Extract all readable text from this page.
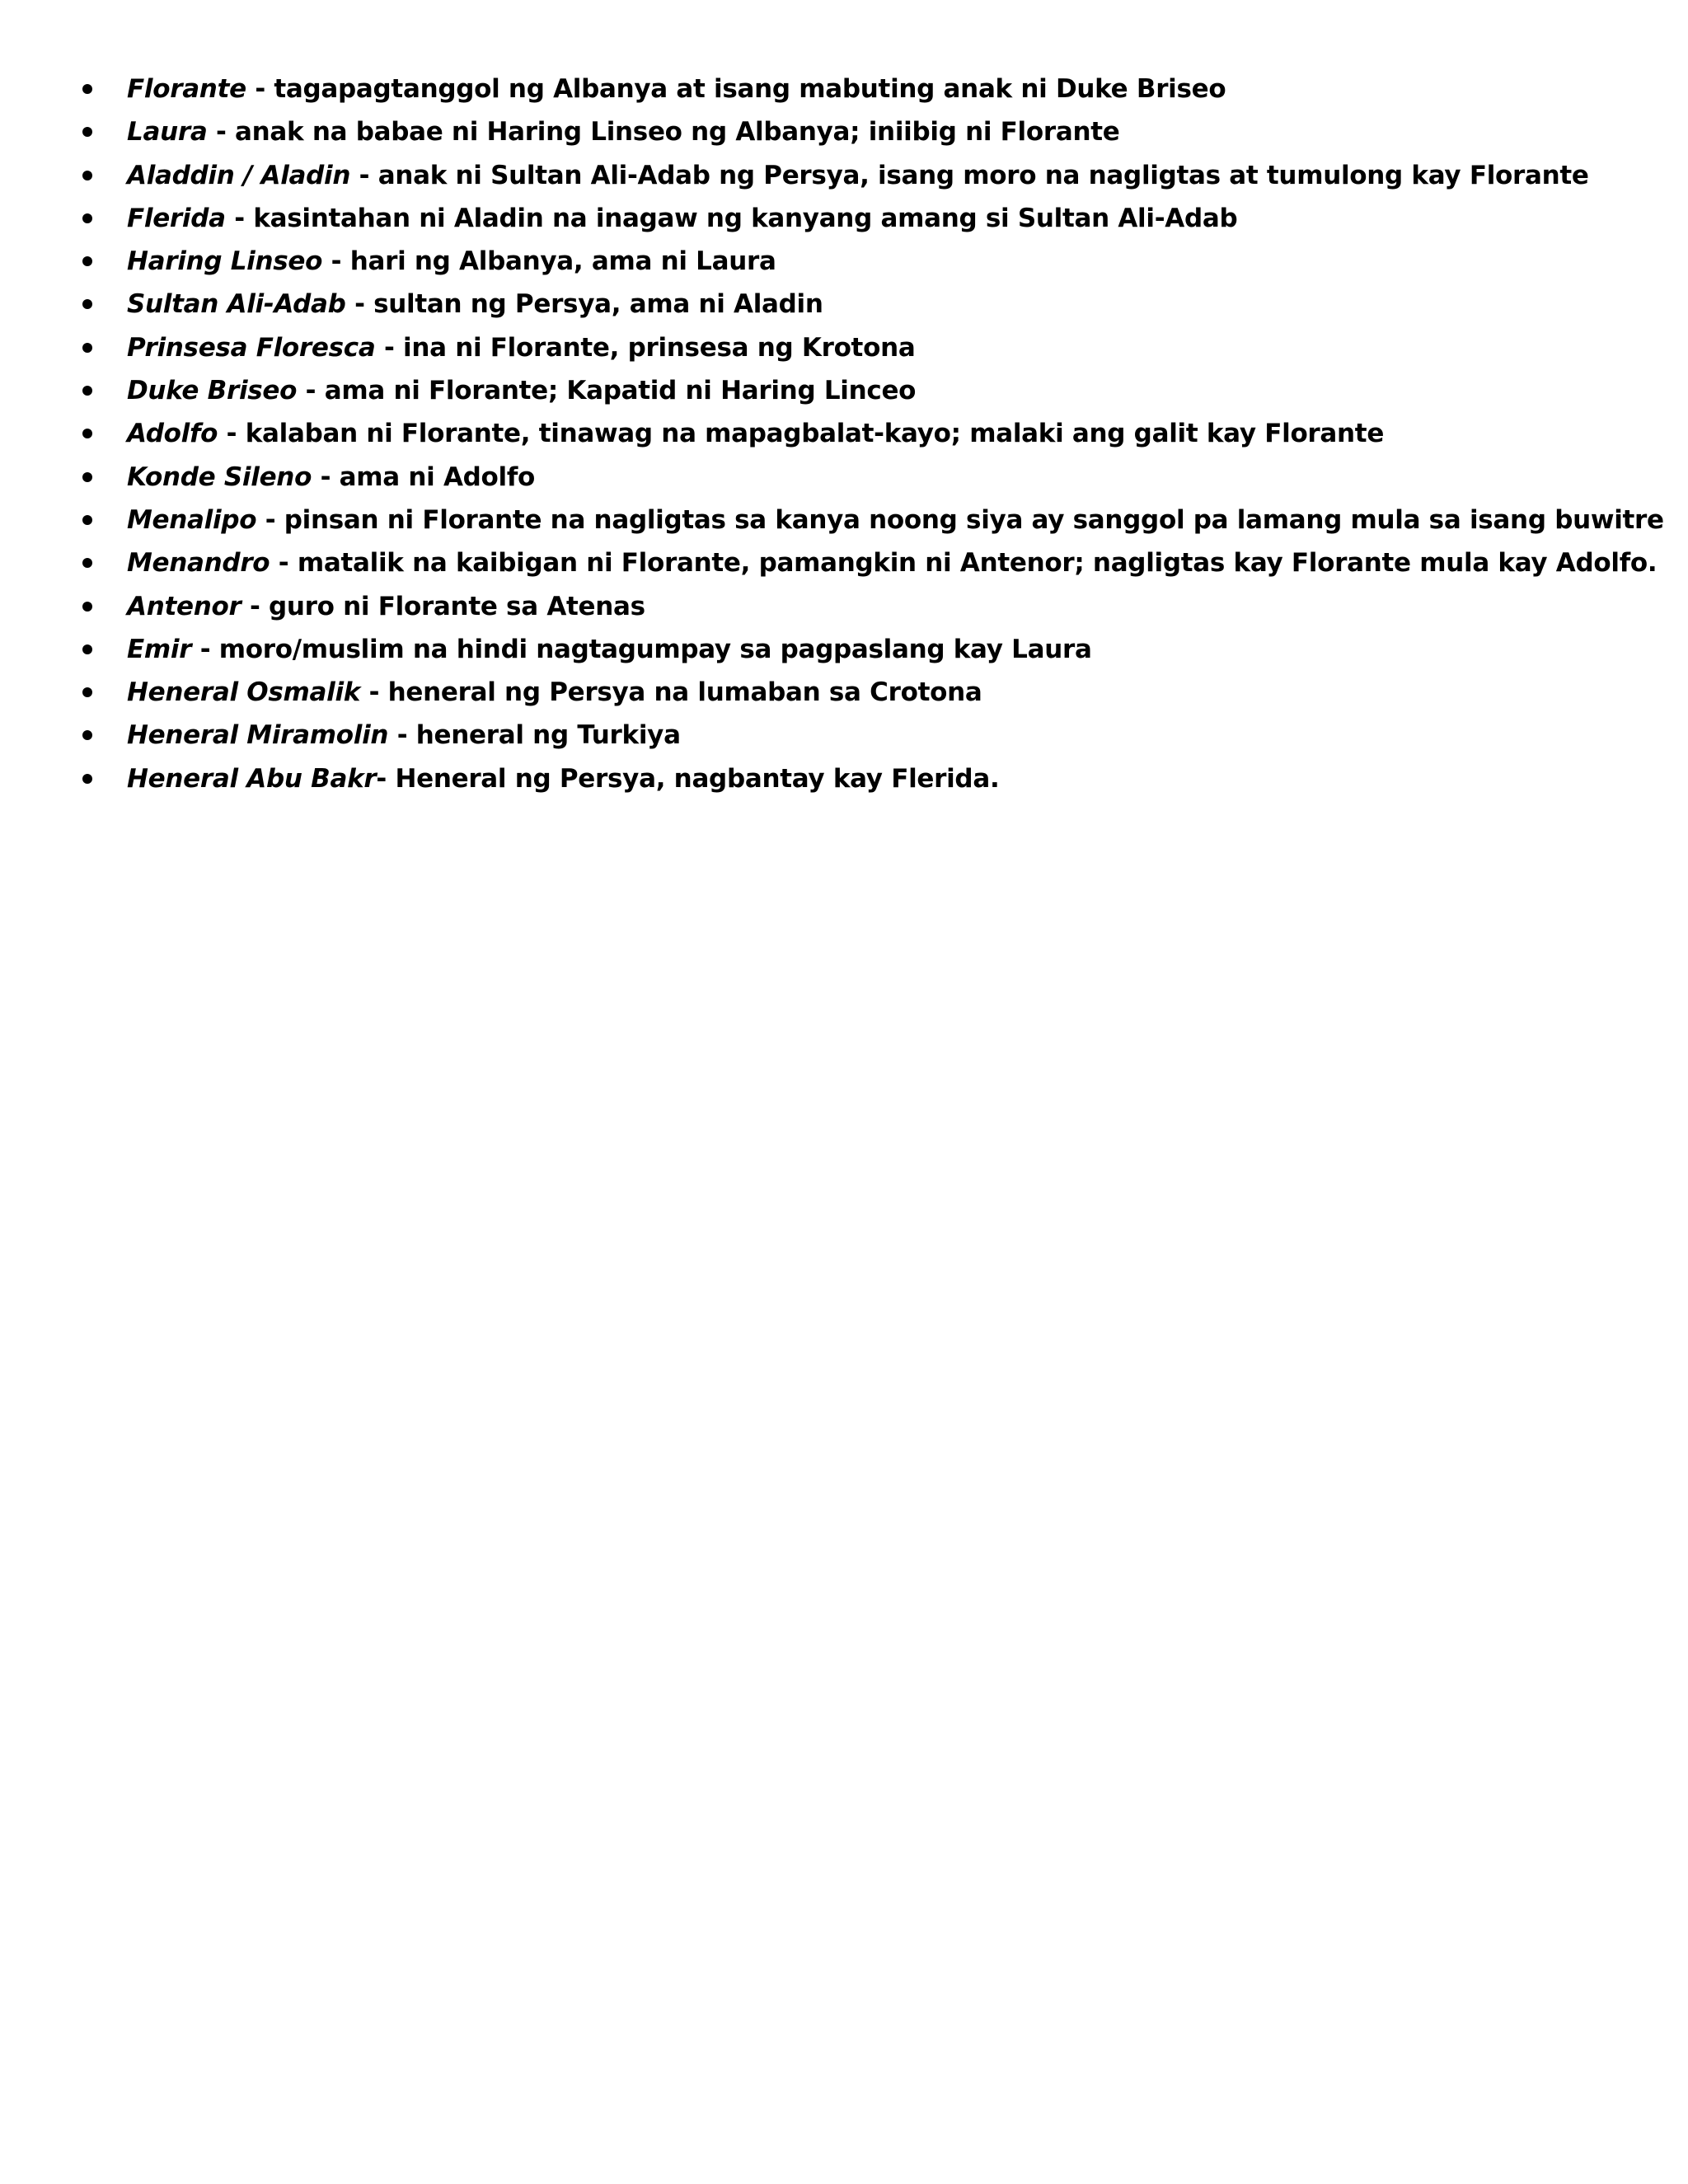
Florante - tagapagtanggol ng Albanya at isang mabuting anak ni Duke Briseo
Laura - anak na babae ni Haring Linseo ng Albanya; iniibig ni Florante
Aladdin / Aladin - anak ni Sultan Ali-Adab ng Persya, isang moro na nagligtas at tumulong kay Florante
Flerida - kasintahan ni Aladin na inagaw ng kanyang amang si Sultan Ali-Adab
Haring Linseo - hari ng Albanya, ama ni Laura
Sultan Ali-Adab - sultan ng Persya, ama ni Aladin
Prinsesa Floresca - ina ni Florante, prinsesa ng Krotona
Duke Briseo - ama ni Florante; Kapatid ni Haring Linceo
Adolfo - kalaban ni Florante, tinawag na mapagbalat-kayo; malaki ang galit kay Florante
Konde Sileno - ama ni Adolfo
Menalipo - pinsan ni Florante na nagligtas sa kanya noong siya ay sanggol pa lamang mula sa isang buwitre
Menandro - matalik na kaibigan ni Florante, pamangkin ni Antenor; nagligtas kay Florante mula kay Adolfo.
Antenor - guro ni Florante sa Atenas
Emir - moro/muslim na hindi nagtagumpay sa pagpaslang kay Laura
Heneral Osmalik - heneral ng Persya na lumaban sa Crotona
Heneral Miramolin - heneral ng Turkiya
Heneral Abu Bakr- Heneral ng Persya, nagbantay kay Flerida.
